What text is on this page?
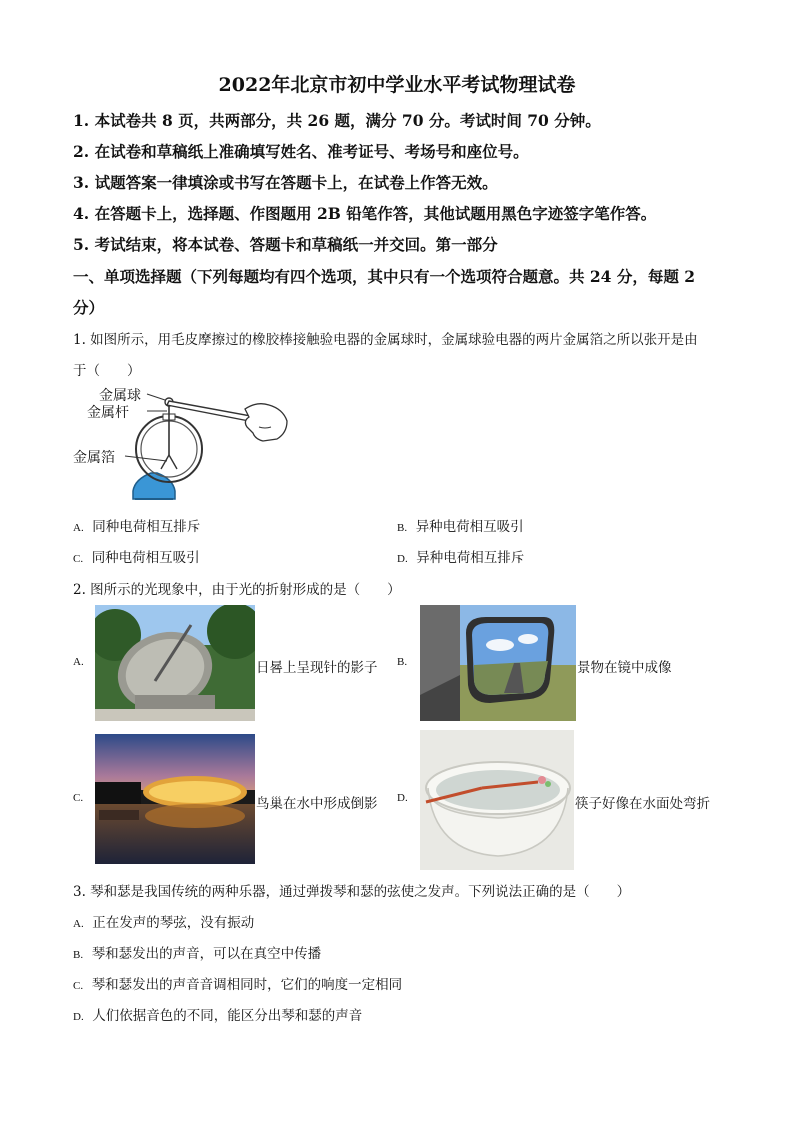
2022年北京市初中学业水平考试物理试卷
1. 本试卷共 8 页，共两部分，共 26 题，满分 70 分。考试时间 70 分钟。
2. 在试卷和草稿纸上准确填写姓名、准考证号、考场号和座位号。
3. 试题答案一律填涂或书写在答题卡上，在试卷上作答无效。
4. 在答题卡上，选择题、作图题用 2B 铅笔作答，其他试题用黑色字迹签字笔作答。
5. 考试结束，将本试卷、答题卡和草稿纸一并交回。第一部分
一、单项选择题（下列每题均有四个选项，其中只有一个选项符合题意。共 24 分，每题 2
分）
1. 如图所示，用毛皮摩擦过的橡胶棒接触验电器的金属球时，金属球验电器的两片金属箔之所以张开是由
于（　　）
金属球
金属杆
金属箔
A. 同种电荷相互排斥	B. 异种电荷相互吸引
C. 同种电荷相互吸引	D. 异种电荷相互排斥
2. 图所示的光现象中，由于光的折射形成的是（　　）
A.	日晷上呈现针的影子 B.	景物在镜中成像
C.	鸟巢在水中形成倒影 D.	筷子好像在水面处弯折
3. 琴和瑟是我国传统的两种乐器，通过弹拨琴和瑟的弦使之发声。下列说法正确的是（　　）
A. 正在发声的琴弦，没有振动
B. 琴和瑟发出的声音，可以在真空中传播
C. 琴和瑟发出的声音音调相同时，它们的响度一定相同
D. 人们依据音色的不同，能区分出琴和瑟的声音
